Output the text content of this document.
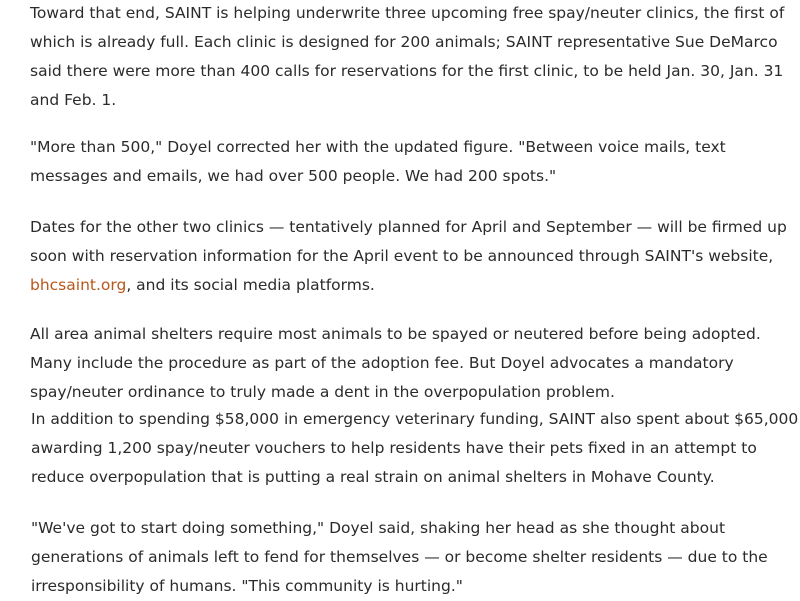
Toward that end, SAINT is helping underwrite three upcoming free spay/neuter clinics, the first of
which is already full. Each clinic is designed for 200 animals; SAINT representative Sue DeMarco
said there were more than 400 calls for reservations for the first clinic, to be held Jan. 30, Jan. 31
and Feb. 1.

"More than 500," Doyel corrected her with the updated figure. "Between voice mails, text
messages and emails, we had over 500 people. We had 200 spots."

Dates for the other two clinics — tentatively planned for April and September — will be firmed up
soon with reservation information for the April event to be announced through SAINT's website,
bhcsaint.org, and its social media platforms.

All area animal shelters require most animals to be spayed or neutered before being adopted.
Many include the procedure as part of the adoption fee. But Doyel advocates a mandatory
spay/neuter ordinance to truly made a dent in the overpopulation problem.

In addition to spending $58,000 in emergency veterinary funding, SAINT also spent about $65,000
awarding 1,200 spay/neuter vouchers to help residents have their pets fixed in an attempt to
reduce overpopulation that is putting a real strain on animal shelters in Mohave County.

"We've got to start doing something," Doyel said, shaking her head as she thought about
generations of animals left to fend for themselves — or become shelter residents — due to the
irresponsibility of humans. "This community is hurting."
